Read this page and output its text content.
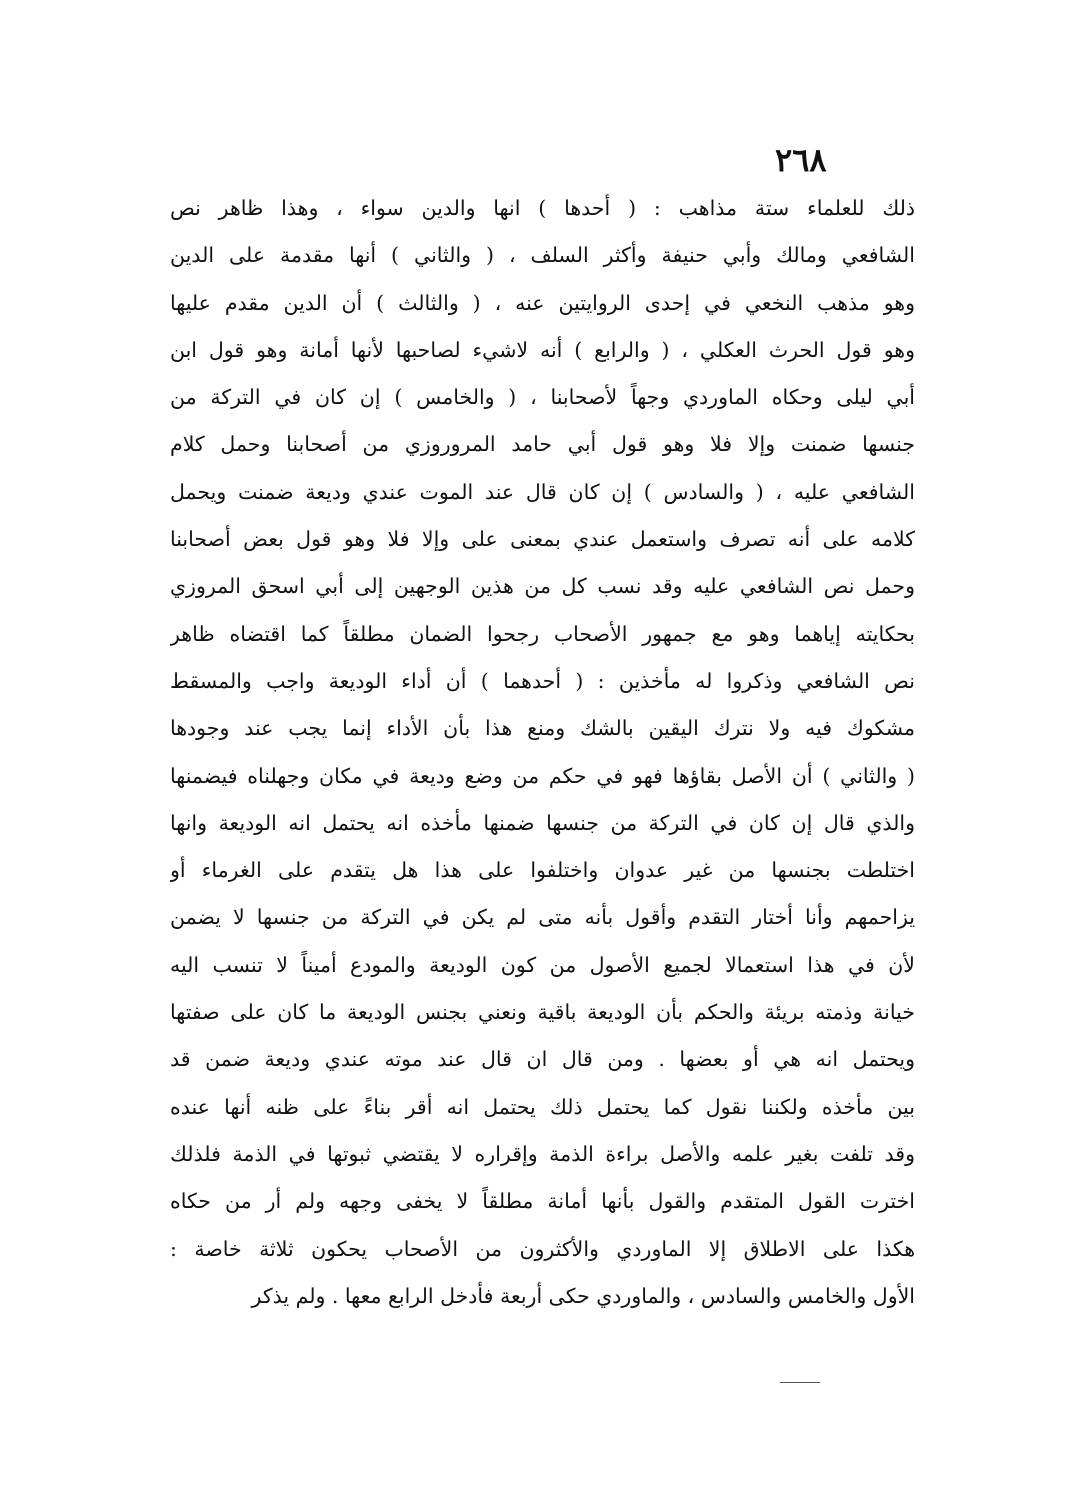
٢٦٨
ذلك للعلماء ستة مذاهب : ( أحدها ) انها والدين سواء ، وهذا ظاهر نص
الشافعي ومالك وأبي حنيفة وأكثر السلف ، ( والثاني ) أنها مقدمة على الدين
وهو مذهب النخعي في إحدى الروايتين عنه ، ( والثالث ) أن الدين مقدم عليها
وهو قول الحرث العكلي ، ( والرابع ) أنه لاشيء لصاحبها لأنها أمانة وهو قول ابن
أبي ليلى وحكاه الماوردي وجهاً لأصحابنا ، ( والخامس ) إن كان في التركة من
جنسها ضمنت وإلا فلا وهو قول أبي حامد المروروزي من أصحابنا وحمل كلام
الشافعي عليه ، ( والسادس ) إن كان قال عند الموت عندي وديعة ضمنت ويحمل
كلامه على أنه تصرف واستعمل عندي بمعنى على وإلا فلا وهو قول بعض أصحابنا
وحمل نص الشافعي عليه وقد نسب كل من هذين الوجهين إلى أبي اسحق المروزي
بحكايته إياهما وهو مع جمهور الأصحاب رجحوا الضمان مطلقاً كما اقتضاه ظاهر
نص الشافعي وذكروا له مأخذين : ( أحدهما ) أن أداء الوديعة واجب والمسقط
مشكوك فيه ولا نترك اليقين بالشك ومنع هذا بأن الأداء إنما يجب عند وجودها
( والثاني ) أن الأصل بقاؤها فهو في حكم من وضع وديعة في مكان وجهلناه فيضمنها
والذي قال إن كان في التركة من جنسها ضمنها مأخذه انه يحتمل انه الوديعة وانها
اختلطت بجنسها من غير عدوان واختلفوا على هذا هل يتقدم على الغرماء أو
يزاحمهم وأنا أختار التقدم وأقول بأنه متى لم يكن في التركة من جنسها لا يضمن
لأن في هذا استعمالا لجميع الأصول من كون الوديعة والمودع أميناً لا تنسب اليه
خيانة وذمته بريئة والحكم بأن الوديعة باقية ونعني بجنس الوديعة ما كان على صفتها
ويحتمل انه هي أو بعضها . ومن قال ان قال عند موته عندي وديعة ضمن قد
بين مأخذه ولكننا نقول كما يحتمل ذلك يحتمل انه أقر بناءً على ظنه أنها عنده
وقد تلفت بغير علمه والأصل براءة الذمة وإقراره لا يقتضي ثبوتها في الذمة فلذلك
اخترت القول المتقدم والقول بأنها أمانة مطلقاً لا يخفى وجهه ولم أر من حكاه
هكذا على الاطلاق إلا الماوردي والأكثرون من الأصحاب يحكون ثلاثة خاصة :
الأول والخامس والسادس ، والماوردي حكى أربعة فأدخل الرابع معها . ولم يذكر
